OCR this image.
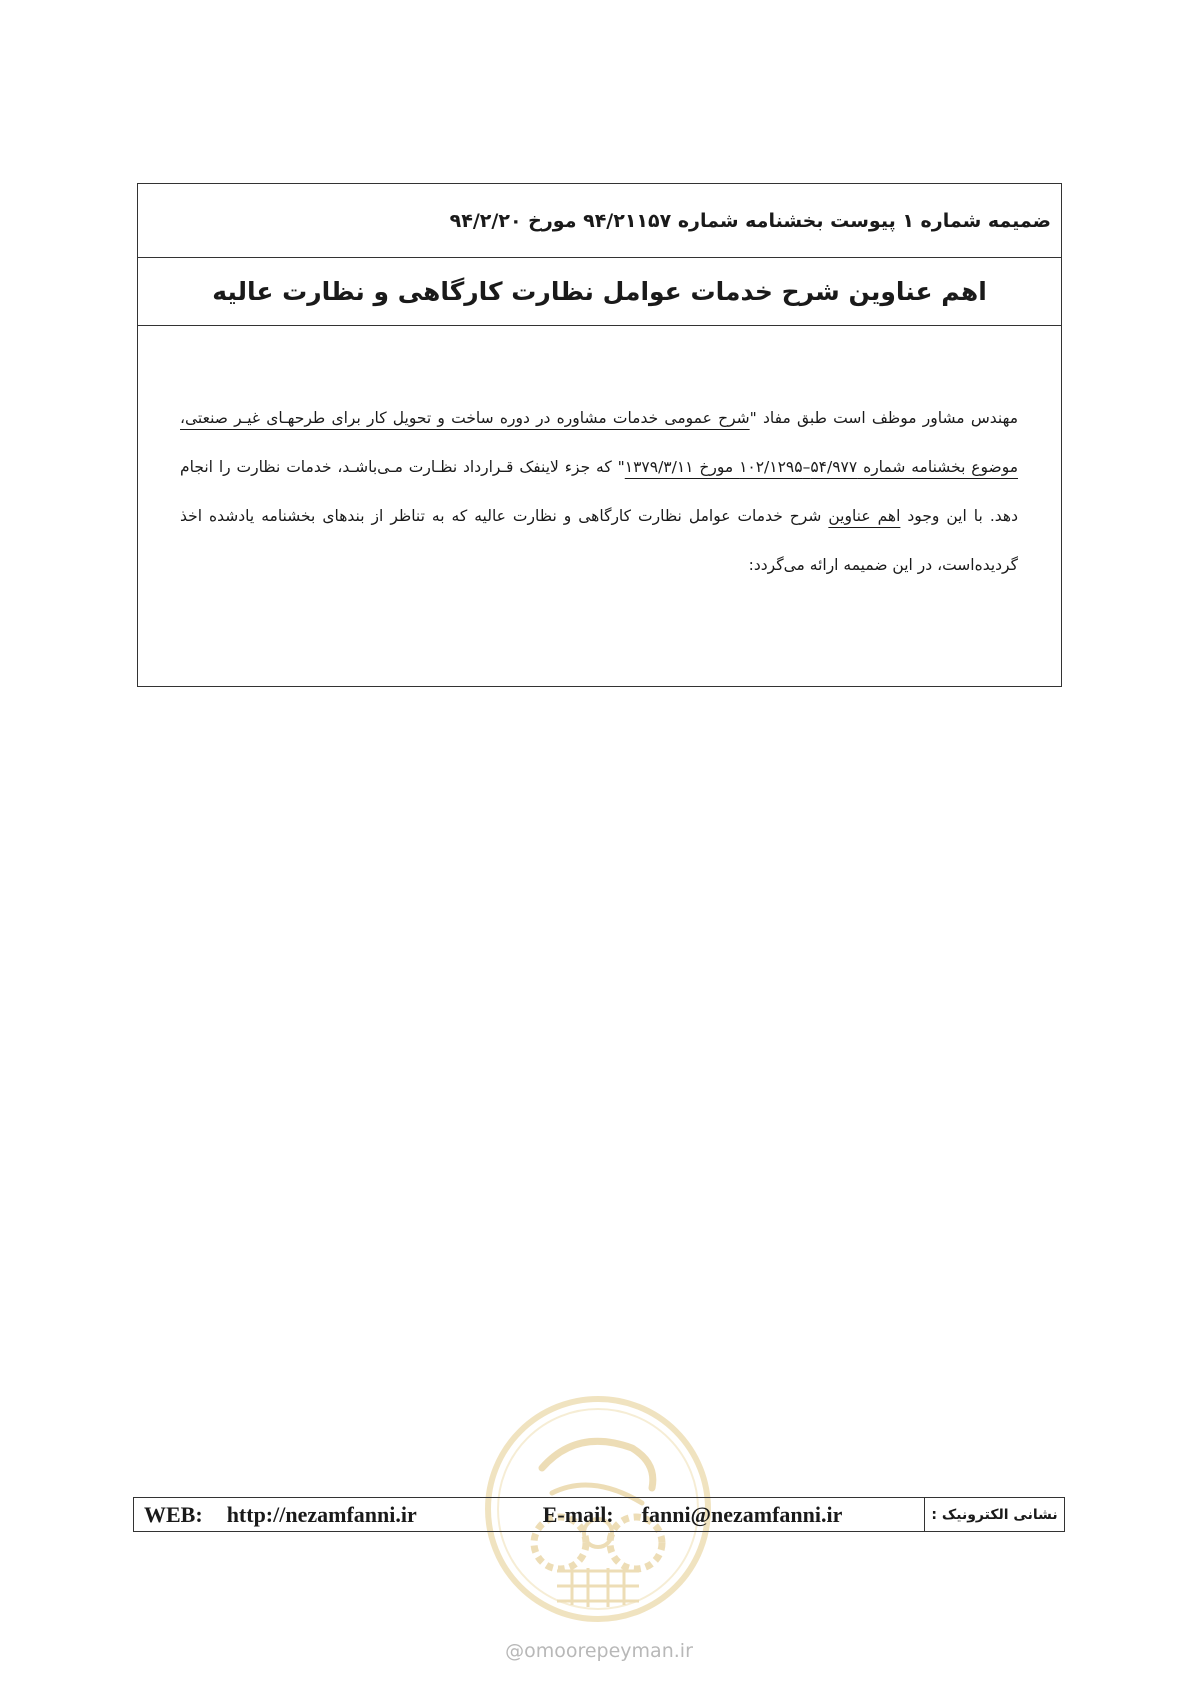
ضمیمه شماره ۱ پیوست بخشنامه شماره ۹۴/۲۱۱۵۷ مورخ ۹۴/۲/۲۰
اهم عناوین شرح خدمات عوامل نظارت کارگاهی و نظارت عالیه
مهندس مشاور موظف است طبق مفاد "شرح عمومی خدمات مشاوره در دوره ساخت و تحویل کار برای طرحهـای غیـر صنعتی، موضوع بخشنامه شماره ۵۴/۹۷۷–۱۰۲/۱۲۹۵ مورخ ۱۳۷۹/۳/۱۱" که جزء لاینفک قـرارداد نظـارت مـی‌باشـد، خدمات نظارت را انجام دهد. با این وجود اهم عناوین شرح خدمات عوامل نظارت کارگاهی و نظارت عالیه که به تناظر از بندهای بخشنامه یادشده اخذ گردیده‌است، در این ضمیمه ارائه می‌گردد:
WEB: http://nezamfanni.ir	E-mail: fanni@nezamfanni.ir	نشانی الکترونیک :
@omoorepeyman.ir
